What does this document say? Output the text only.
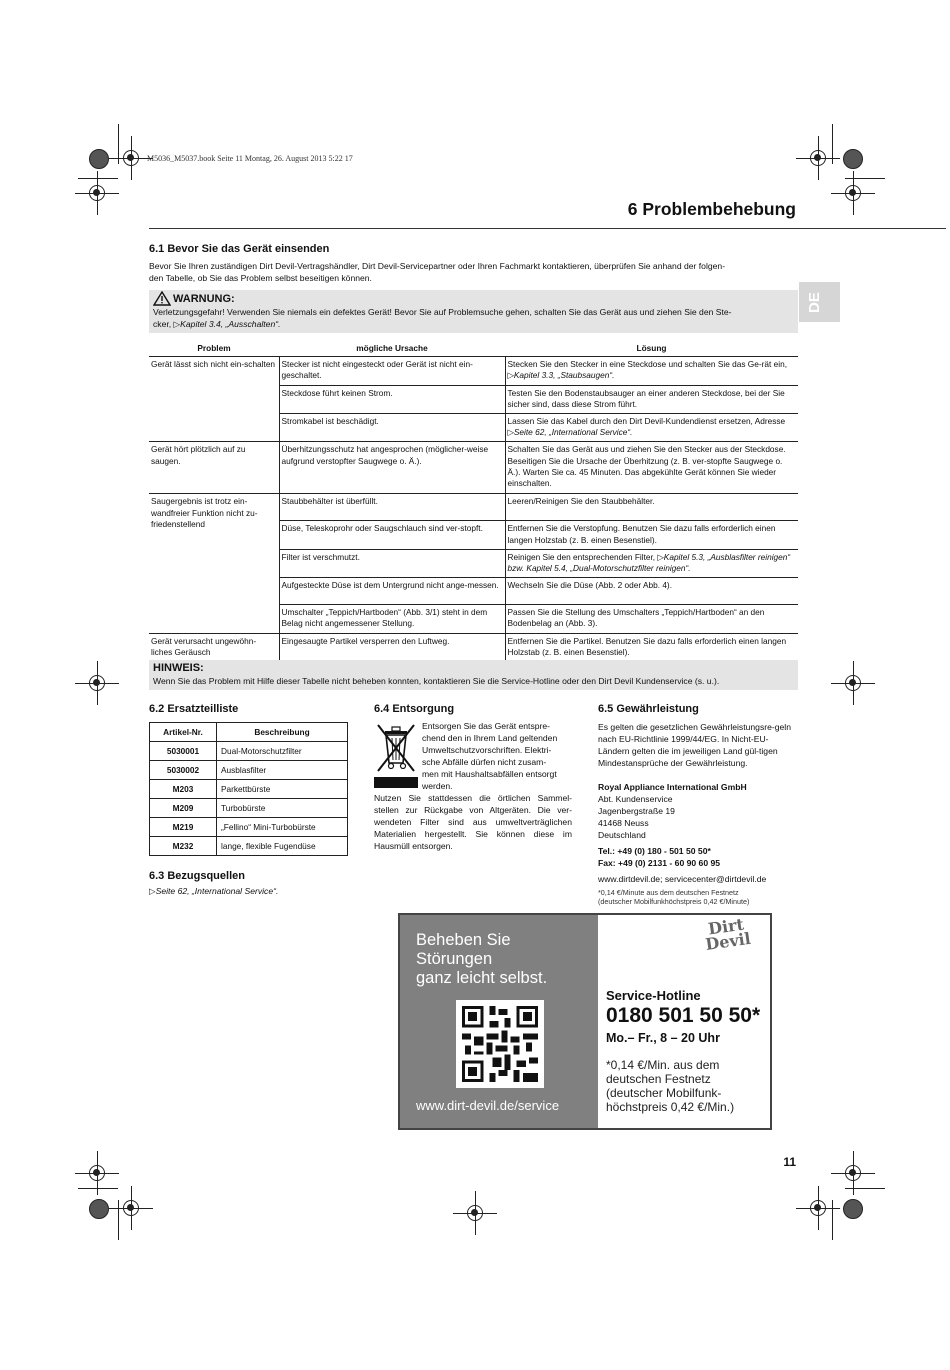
M5036_M5037.book Seite 11 Montag, 26. August 2013 5:22 17
6 Problembehebung
DE
6.1 Bevor Sie das Gerät einsenden

Bevor Sie Ihren zuständigen Dirt Devil-Vertragshändler, Dirt Devil-Servicepartner oder Ihren Fachmarkt kontaktieren, überprüfen Sie anhand der folgen-

den Tabelle, ob Sie das Problem selbst beseitigen können.

WARNUNG:

Verletzungsgefahr! Verwenden Sie niemals ein defektes Gerät! Bevor Sie auf Problemsuche gehen, schalten Sie das Gerät aus und ziehen Sie den Ste-

cker, ▷Kapitel 3.4, „Ausschalten“.

Problem	mögliche Ursache	Lösung
Gerät lässt sich nicht ein-schalten	Stecker ist nicht eingesteckt oder Gerät ist nicht ein-geschaltet.	Stecken Sie den Stecker in eine Steckdose und schalten Sie das Ge-rät ein, ▷Kapitel 3.3, „Staubsaugen“.
	Steckdose führt keinen Strom.	Testen Sie den Bodenstaubsauger an einer anderen Steckdose, bei der Sie sicher sind, dass diese Strom führt.
	Stromkabel ist beschädigt.	Lassen Sie das Kabel durch den Dirt Devil-Kundendienst ersetzen, Adresse ▷Seite 62, „International Service“.
Gerät hört plötzlich auf zu saugen.	Überhitzungsschutz hat angesprochen (möglicher-weise aufgrund verstopfter Saugwege o. Ä.).	Schalten Sie das Gerät aus und ziehen Sie den Stecker aus der Steckdose. Beseitigen Sie die Ursache der Überhitzung (z. B. ver-stopfte Saugwege o. Ä.). Warten Sie ca. 45 Minuten. Das abgekühlte Gerät können Sie wieder einschalten.
Saugergebnis ist trotz ein-wandfreier Funktion nicht zu-friedenstellend	Staubbehälter ist überfüllt.	Leeren/Reinigen Sie den Staubbehälter.
	Düse, Teleskoprohr oder Saugschlauch sind ver-stopft.	Entfernen Sie die Verstopfung. Benutzen Sie dazu falls erforderlich einen langen Holzstab (z. B. einen Besenstiel).
	Filter ist verschmutzt.	Reinigen Sie den entsprechenden Filter, ▷Kapitel 5.3, „Ausblasfilter reinigen“ bzw. Kapitel 5.4, „Dual-Motorschutzfilter reinigen“.
	Aufgesteckte Düse ist dem Untergrund nicht ange-messen.	Wechseln Sie die Düse (Abb. 2 oder Abb. 4).
	Umschalter „Teppich/Hartboden“ (Abb. 3/1) steht in dem Belag nicht angemessener Stellung.	Passen Sie die Stellung des Umschalters „Teppich/Hartboden“ an den Bodenbelag an (Abb. 3).
Gerät verursacht ungewöhn-liches Geräusch	Eingesaugte Partikel versperren den Luftweg.	Entfernen Sie die Partikel. Benutzen Sie dazu falls erforderlich einen langen Holzstab (z. B. einen Besenstiel).
HINWEIS:
Wenn Sie das Problem mit Hilfe dieser Tabelle nicht beheben konnten, kontaktieren Sie die Service-Hotline oder den Dirt Devil Kundenservice (s. u.).
6.2 Ersatzteilliste
Artikel-Nr.	Beschreibung
5030001	Dual-Motorschutzfilter
5030002	Ausblasfilter
M203	Parkettbürste
M209	Turbobürste
M219	„Fellino“ Mini-Turbobürste
M232	lange, flexible Fugendüse
6.3 Bezugsquellen
▷Seite 62, „International Service“.
6.4 Entsorgung

Entsorgen Sie das Gerät entspre-

chend den in Ihrem Land geltenden

Umweltschutzvorschriften. Elektri-

sche Abfälle dürfen nicht zusam-

men mit Haushaltsabfällen entsorgt

werden.

Nutzen Sie stattdessen die örtlichen Sammel-stellen zur Rückgabe von Altgeräten. Die ver-wendeten Filter sind aus umweltverträglichen Materialien hergestellt. Sie können diese im Hausmüll entsorgen.
6.5 Gewährleistung
Es gelten die gesetzlichen Gewährleistungsre-geln nach EU-Richtlinie 1999/44/EG. In Nicht-EU-Ländern gelten die im jeweiligen Land gül-tigen Mindestansprüche der Gewährleistung.

Royal Appliance International GmbH

Abt. Kundenservice

Jagenbergstraße 19

41468 Neuss

Deutschland

Tel.: +49 (0) 180 - 501 50 50*

Fax: +49 (0) 2131 - 60 90 60 95

www.dirtdevil.de; servicecenter@dirtdevil.de

*0,14 €/Minute aus dem deutschen Festnetz

(deutscher Mobilfunkhöchstpreis 0,42 €/Minute)

Beheben Sie

Störungen

ganz leicht selbst.

www.dirt-devil.de/service
Dirt Devil
Service-Hotline
0180 501 50 50*
Mo.– Fr., 8 – 20 Uhr

*0,14 €/Min. aus dem

deutschen Festnetz

(deutscher Mobilfunk-

höchstpreis 0,42 €/Min.)

11
